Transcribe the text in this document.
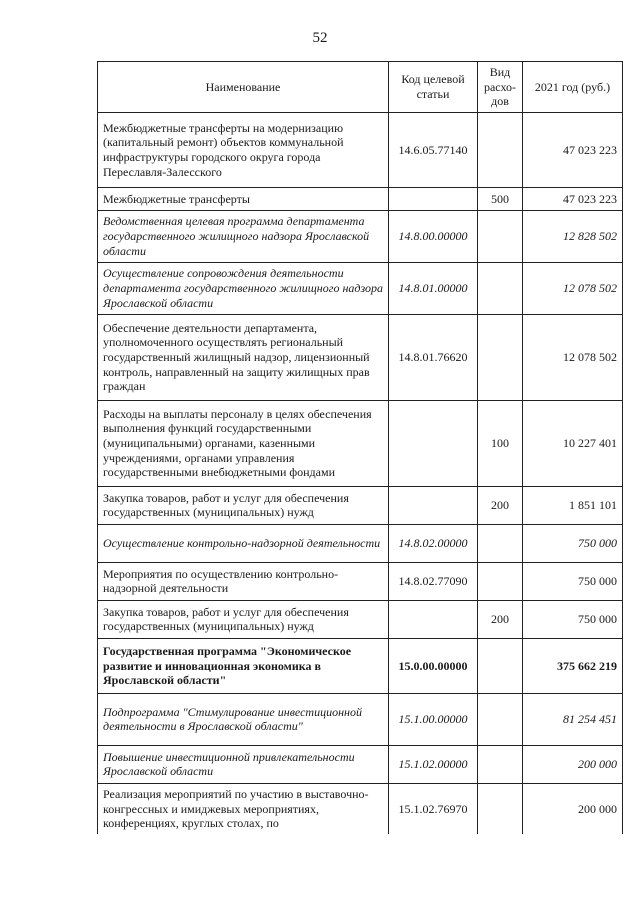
52
Наименование	Код целевой статьи	Вид расхо-дов	2021 год (руб.)
Межбюджетные трансферты на модернизацию (капитальный ремонт) объектов коммунальной инфраструктуры городского округа города Переславля-Залесского	14.6.05.77140		47 023 223
Межбюджетные трансферты		500	47 023 223
Ведомственная целевая программа департамента государственного жилищного надзора Ярославской области	14.8.00.00000		12 828 502
Осуществление сопровождения деятельности департамента государственного жилищного надзора Ярославской области	14.8.01.00000		12 078 502
Обеспечение деятельности департамента, уполномоченного осуществлять региональный государственный жилищный надзор, лицензионный контроль, направленный на защиту жилищных прав граждан	14.8.01.76620		12 078 502
Расходы на выплаты персоналу в целях обеспечения выполнения функций государственными (муниципальными) органами, казенными учреждениями, органами управления государственными внебюджетными фондами		100	10 227 401
Закупка товаров, работ и услуг для обеспечения государственных (муниципальных) нужд		200	1 851 101
Осуществление контрольно-надзорной деятельности	14.8.02.00000		750 000
Мероприятия по осуществлению контрольно-надзорной деятельности	14.8.02.77090		750 000
Закупка товаров, работ и услуг для обеспечения государственных (муниципальных) нужд		200	750 000
Государственная программа "Экономическое развитие и инновационная экономика в Ярославской области"	15.0.00.00000		375 662 219
Подпрограмма "Стимулирование инвестиционной деятельности в Ярославской области"	15.1.00.00000		81 254 451
Повышение инвестиционной привлекательности Ярославской области	15.1.02.00000		200 000
Реализация мероприятий по участию в выставочно-конгрессных и имиджевых мероприятиях, конференциях, круглых столах, по	15.1.02.76970		200 000
